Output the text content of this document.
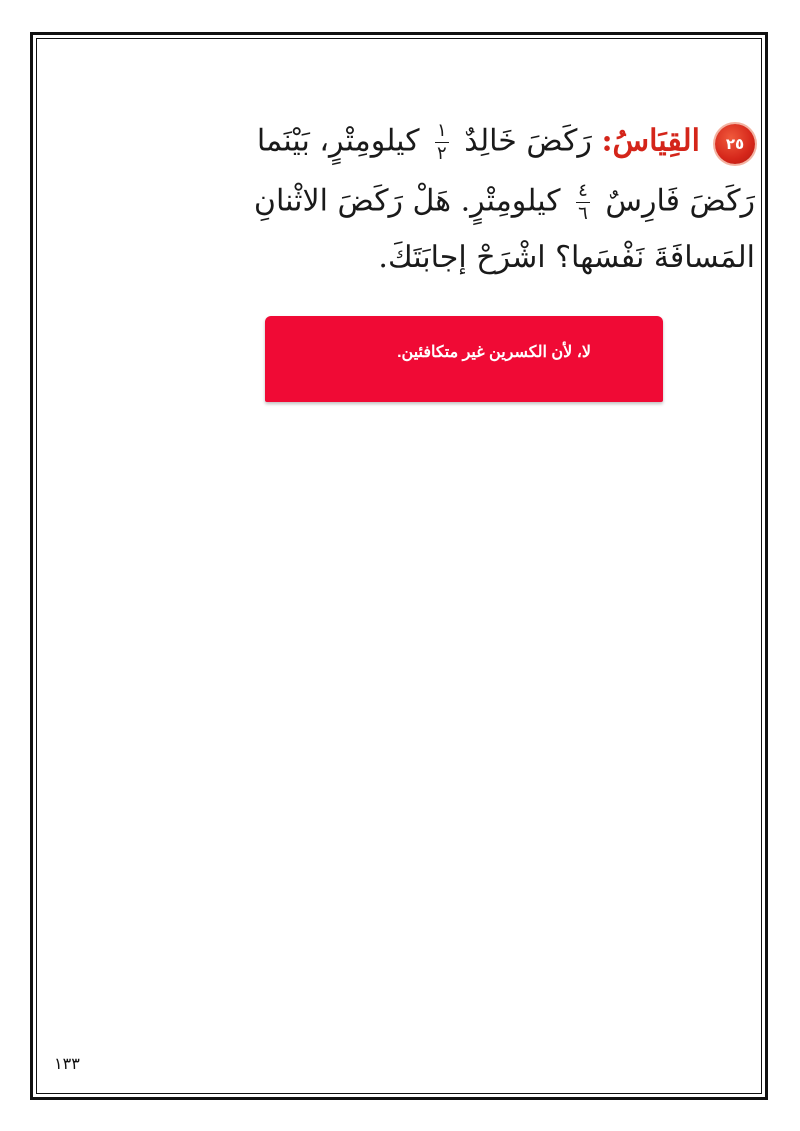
٢٥
القِيَاسُ: رَكَضَ خَالِدٌ
$\frac{١}{٢}$
كيلومِتْرٍ، بَيْنَما
رَكَضَ فَارِسٌ
$\frac{٤}{٦}$
كيلومِتْرٍ. هَلْ رَكَضَ الاثْنانِ
المَسافَةَ نَفْسَها؟ اشْرَحْ إجابَتَكَ.
لا، لأن الكسرين غير متكافئين.
١٣٣
